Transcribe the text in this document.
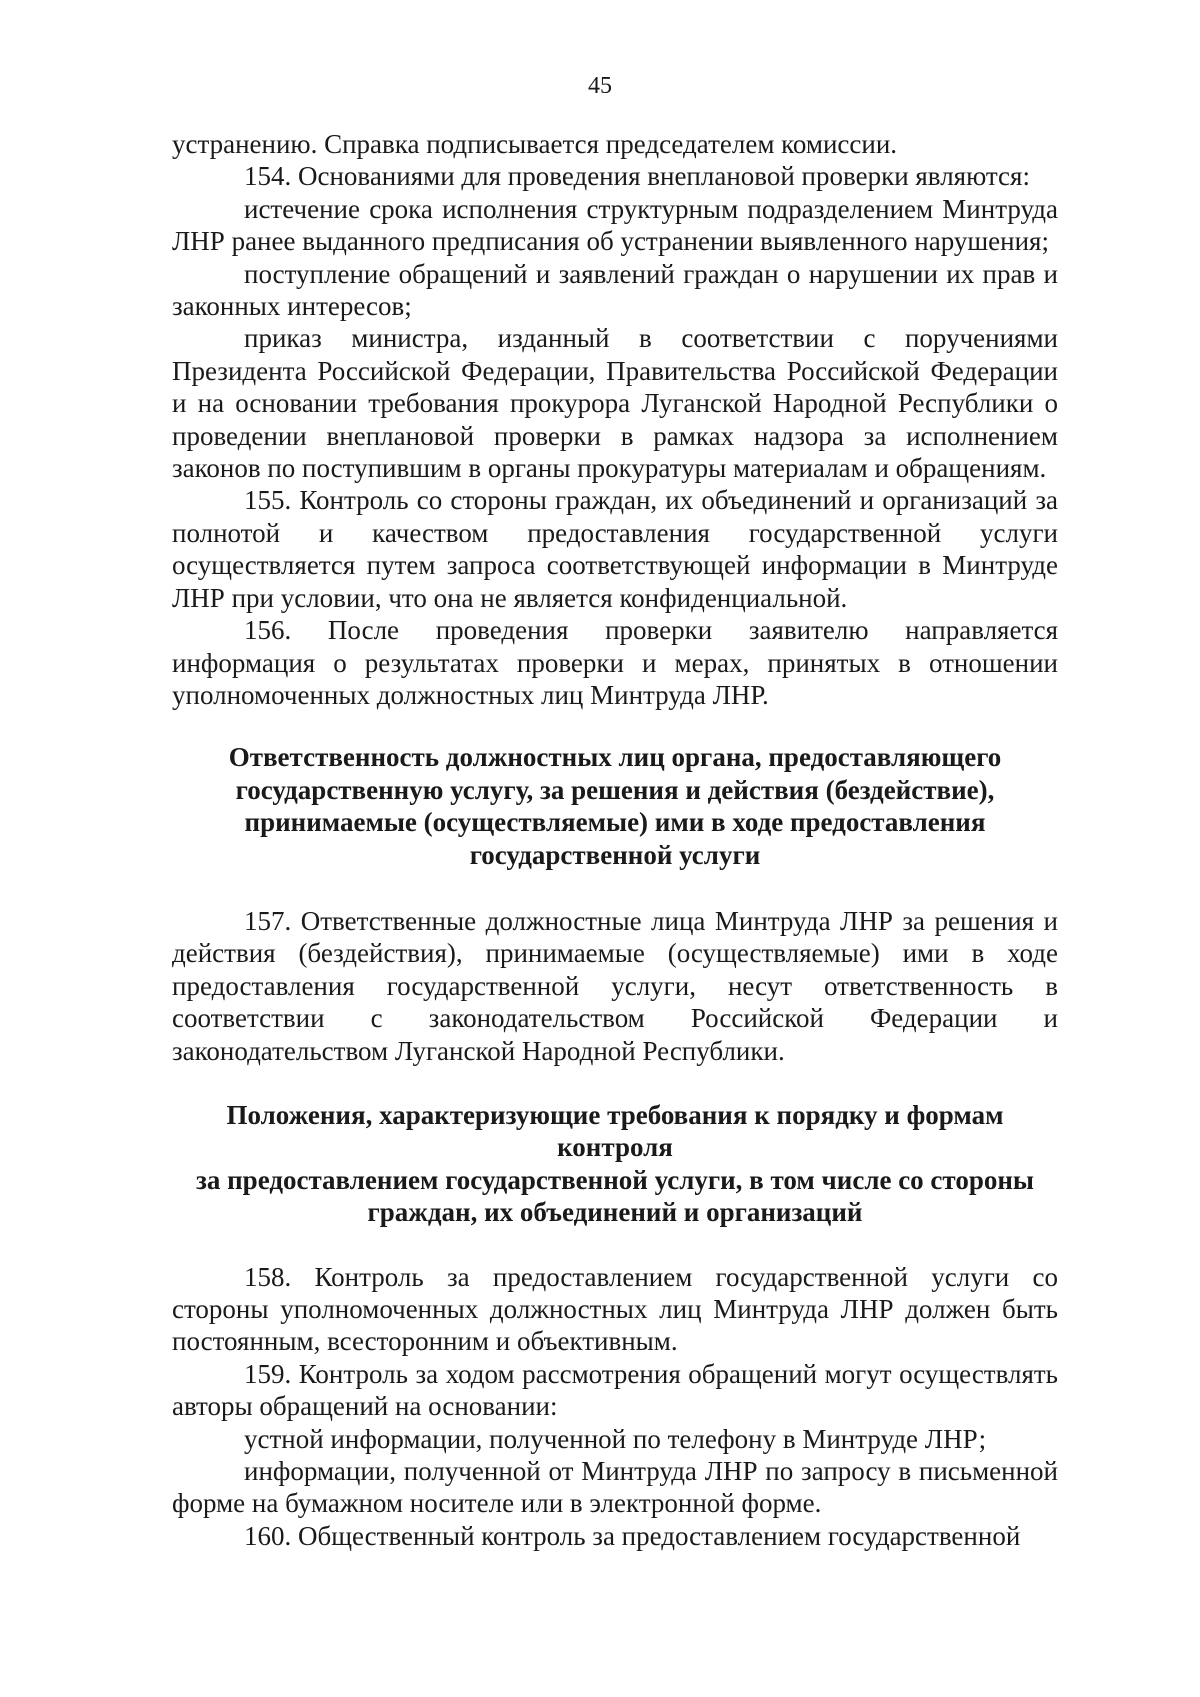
45

устранению. Справка подписывается председателем комиссии.

154. Основаниями для проведения внеплановой проверки являются:

истечение срока исполнения структурным подразделением Минтруда ЛНР ранее выданного предписания об устранении выявленного нарушения;

поступление обращений и заявлений граждан о нарушении их прав и законных интересов;

приказ министра, изданный в соответствии с поручениями Президента Российской Федерации, Правительства Российской Федерации и на основании требования прокурора Луганской Народной Республики о проведении внеплановой проверки в рамках надзора за исполнением законов по поступившим в органы прокуратуры материалам и обращениям.

155. Контроль со стороны граждан, их объединений и организаций за полнотой и качеством предоставления государственной услуги осуществляется путем запроса соответствующей информации в Минтруде ЛНР при условии, что она не является конфиденциальной.

156. После проведения проверки заявителю направляется информация о результатах проверки и мерах, принятых в отношении уполномоченных должностных лиц Минтруда ЛНР.

Ответственность должностных лиц органа, предоставляющего
государственную услугу, за решения и действия (бездействие),
принимаемые (осуществляемые) ими в ходе предоставления
государственной услуги

157. Ответственные должностные лица Минтруда ЛНР за решения и действия (бездействия), принимаемые (осуществляемые) ими в ходе предоставления государственной услуги, несут ответственность в соответствии с законодательством Российской Федерации и законодательством Луганской Народной Республики.

Положения, характеризующие требования к порядку и формам контроля
за предоставлением государственной услуги, в том числе со стороны
граждан, их объединений и организаций

158. Контроль за предоставлением государственной услуги со стороны уполномоченных должностных лиц Минтруда ЛНР должен быть постоянным, всесторонним и объективным.

159. Контроль за ходом рассмотрения обращений могут осуществлять авторы обращений на основании:

устной информации, полученной по телефону в Минтруде ЛНР;

информации, полученной от Минтруда ЛНР по запросу в письменной форме на бумажном носителе или в электронной форме.

160. Общественный контроль за предоставлением государственной
